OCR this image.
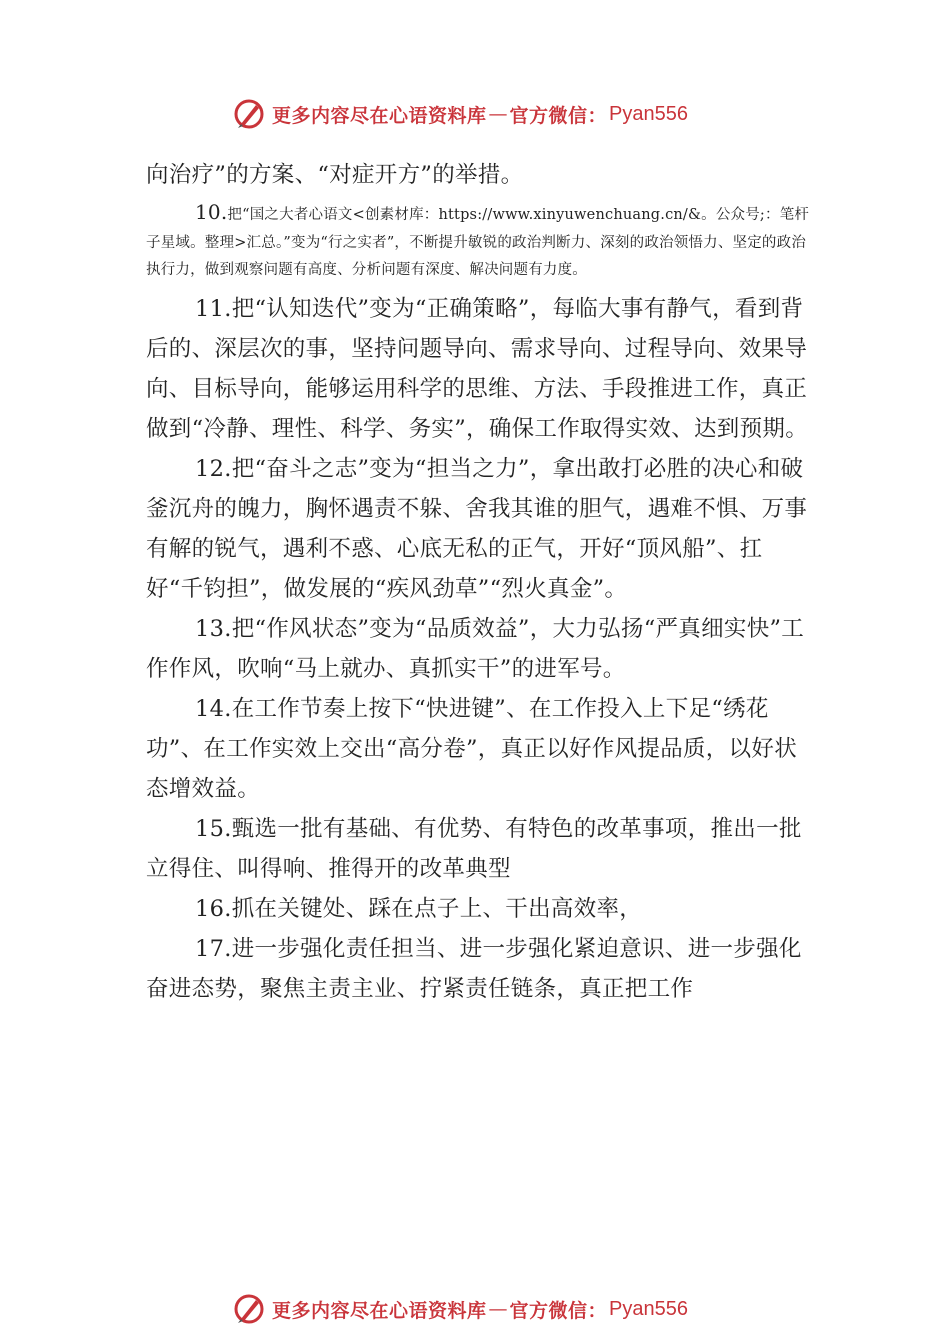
更多内容尽在心语资料库 — 官方微信： Pyan556

向治疗”的方案、“对症开方”的举措。

10.把“国之大者心语文<创素材库：https://www.xinyuwenchuang.cn/&。公众号;：笔杆子星域。整理>汇总。”变为“行之实者”，不断提升敏锐的政治判断力、深刻的政治领悟力、坚定的政治执行力，做到观察问题有高度、分析问题有深度、解决问题有力度。

11.把“认知迭代”变为“正确策略”，每临大事有静气，看到背后的、深层次的事，坚持问题导向、需求导向、过程导向、效果导向、目标导向，能够运用科学的思维、方法、手段推进工作，真正做到“冷静、理性、科学、务实”，确保工作取得实效、达到预期。

12.把“奋斗之志”变为“担当之力”，拿出敢打必胜的决心和破釜沉舟的魄力，胸怀遇责不躲、舍我其谁的胆气，遇难不惧、万事有解的锐气，遇利不惑、心底无私的正气，开好“顶风船”、扛好“千钧担”，做发展的“疾风劲草”“烈火真金”。

13.把“作风状态”变为“品质效益”，大力弘扬“严真细实快”工作作风，吹响“马上就办、真抓实干”的进军号。

14.在工作节奏上按下“快进键”、在工作投入上下足“绣花功”、在工作实效上交出“高分卷”，真正以好作风提品质，以好状态增效益。

15.甄选一批有基础、有优势、有特色的改革事项，推出一批立得住、叫得响、推得开的改革典型

16.抓在关键处、踩在点子上、干出高效率，

17.进一步强化责任担当、进一步强化紧迫意识、进一步强化奋进态势，聚焦主责主业、拧紧责任链条，真正把工作

更多内容尽在心语资料库 — 官方微信： Pyan556
